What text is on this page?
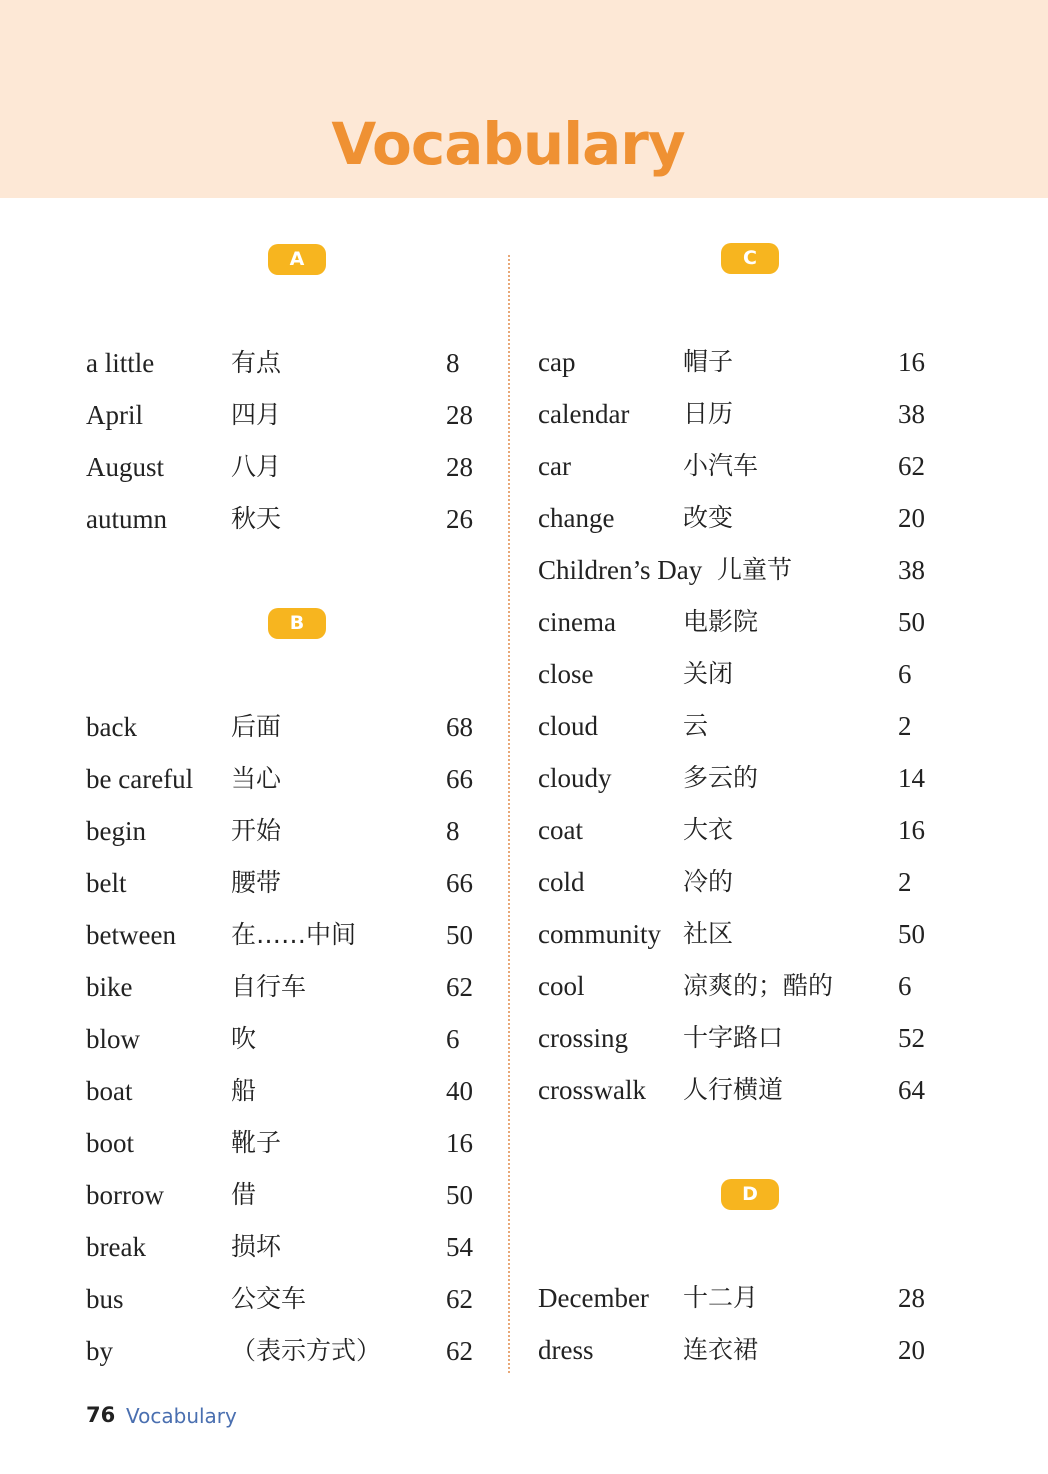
Vocabulary
A
B
C
D
a little	有点	8
April	四月	28
August	八月	28
autumn	秋天	26
back	后面	68
be careful 当心	66
begin	开始	8
belt	腰带	66
between 在……中间	50
bike	自行车	62
blow	吹	6
boat	船	40
boot	靴子	16
borrow	借	50
break	损坏	54
bus	公交车	62
by	（表示方式） 62
cap	帽子	16
calendar 日历	38
car	小汽车	62
change	改变	20
Children’s Day 儿童节	38
cinema	电影院	50
close	关闭	6
cloud	云	2
cloudy	多云的	14
coat	大衣	16
cold	冷的	2
community 社区	50
cool	凉爽的；酷的 6
crossing 十字路口	52
crosswalk 人行横道	64
December 十二月	28
dress	连衣裙	20
76 Vocabulary
